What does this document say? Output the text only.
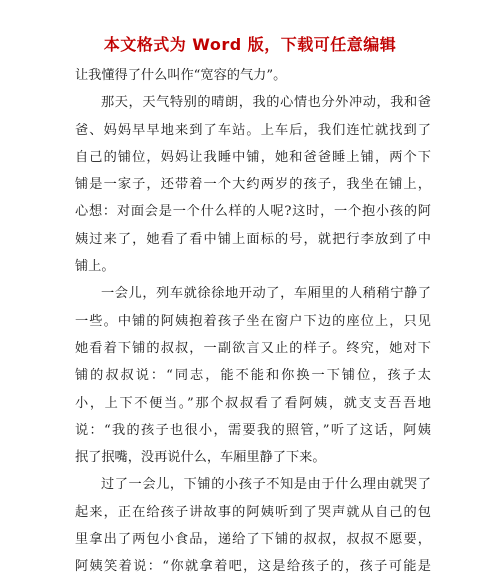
本文格式为 Word 版，下载可任意编辑
让我懂得了什么叫作“宽容的气力”。
那天，天气特别的晴朗，我的心情也分外冲动，我和爸
爸、妈妈早早地来到了车站。上车后，我们连忙就找到了
自己的铺位，妈妈让我睡中铺，她和爸爸睡上铺，两个下
铺是一家子，还带着一个大约两岁的孩子，我坐在铺上，
心想：对面会是一个什么样的人呢?这时，一个抱小孩的阿
姨过来了，她看了看中铺上面标的号，就把行李放到了中
铺上。
一会儿，列车就徐徐地开动了，车厢里的人稍稍宁静了
一些。中铺的阿姨抱着孩子坐在窗户下边的座位上，只见
她看着下铺的叔叔，一副欲言又止的样子。终究，她对下
铺的叔叔说：“同志，能不能和你换一下铺位，孩子太
小，上下不便当。”那个叔叔看了看阿姨，就支支吾吾地
说：“我的孩子也很小，需要我的照管，”听了这话，阿姨
抿了抿嘴，没再说什么，车厢里静了下来。
过了一会儿，下铺的小孩子不知是由于什么理由就哭了
起来，正在给孩子讲故事的阿姨听到了哭声就从自己的包
里拿出了两包小食品，递给了下铺的叔叔，叔叔不愿要，
阿姨笑着说：“你就拿着吧，这是给孩子的，孩子可能是
